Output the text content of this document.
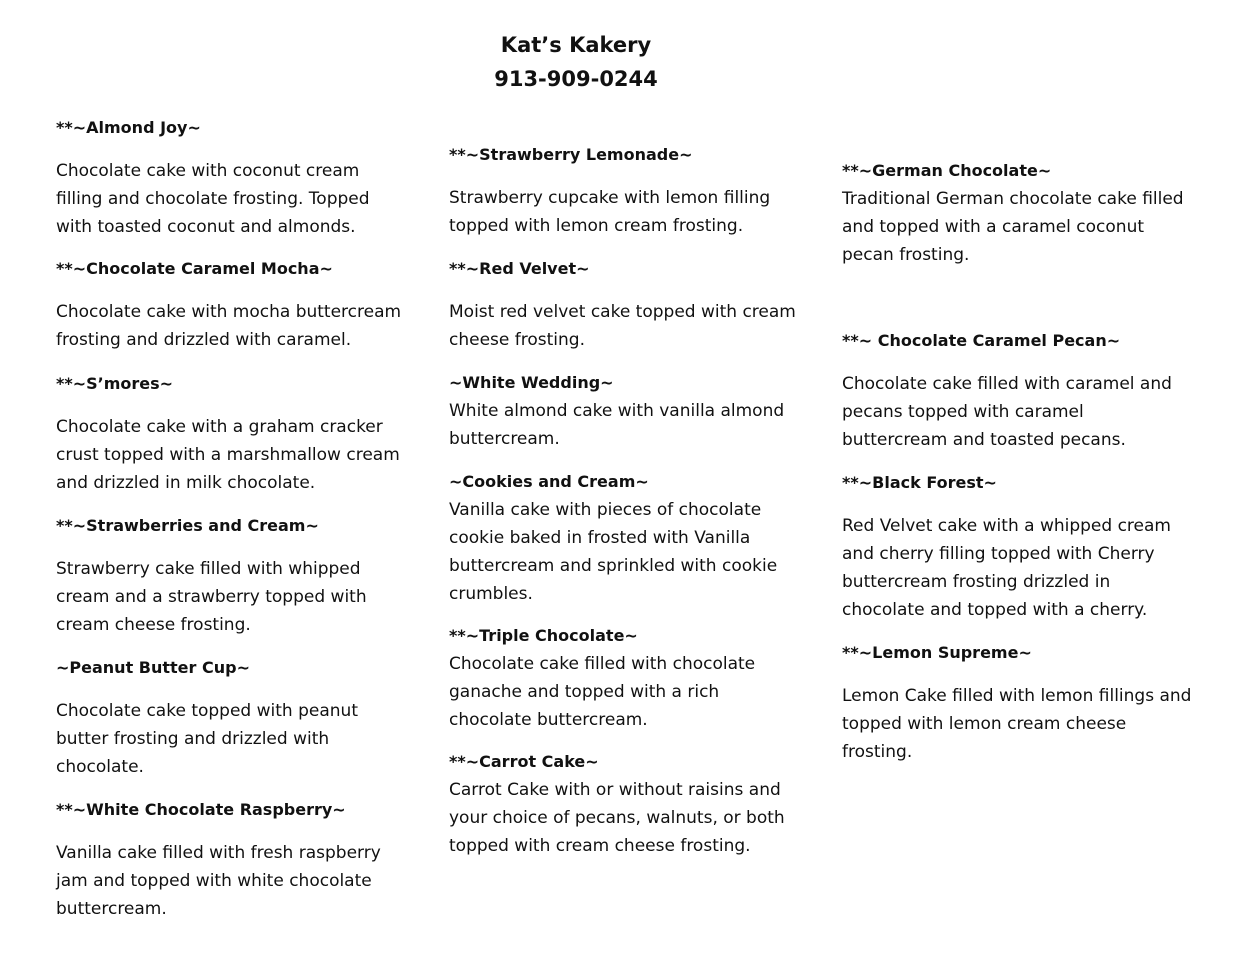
Kat’s Kakery
913-909-0244
**~Almond Joy~
Chocolate cake with coconut cream filling and chocolate frosting. Topped with toasted coconut and almonds.
**~Chocolate Caramel Mocha~
Chocolate cake with mocha buttercream frosting and drizzled with caramel.
**~S’mores~
Chocolate cake with a graham cracker crust topped with a marshmallow cream and drizzled in milk chocolate.
**~Strawberries and Cream~
Strawberry cake filled with whipped cream and a strawberry topped with cream cheese frosting.
~Peanut Butter Cup~
Chocolate cake topped with peanut butter frosting and drizzled with chocolate.
**~White Chocolate Raspberry~
Vanilla cake filled with fresh raspberry jam and topped with white chocolate buttercream.
**~Strawberry Lemonade~
Strawberry cupcake with lemon filling topped with lemon cream frosting.
**~Red Velvet~
Moist red velvet cake topped with cream cheese frosting.
~White Wedding~
White almond cake with vanilla almond buttercream.
~Cookies and Cream~
Vanilla cake with pieces of chocolate cookie baked in frosted with Vanilla buttercream and sprinkled with cookie crumbles.
**~Triple Chocolate~
Chocolate cake filled with chocolate ganache and topped with a rich chocolate buttercream.
**~Carrot Cake~
Carrot Cake with or without raisins and your choice of pecans, walnuts, or both topped with cream cheese frosting.
**~German Chocolate~
Traditional German chocolate cake filled and topped with a caramel coconut pecan frosting.
**~ Chocolate Caramel Pecan~
Chocolate cake filled with caramel and pecans topped with caramel buttercream and toasted pecans.
**~Black Forest~
Red Velvet cake with a whipped cream and cherry filling topped with Cherry buttercream frosting drizzled in chocolate and topped with a cherry.
**~Lemon Supreme~
Lemon Cake filled with lemon fillings and topped with lemon cream cheese frosting.
